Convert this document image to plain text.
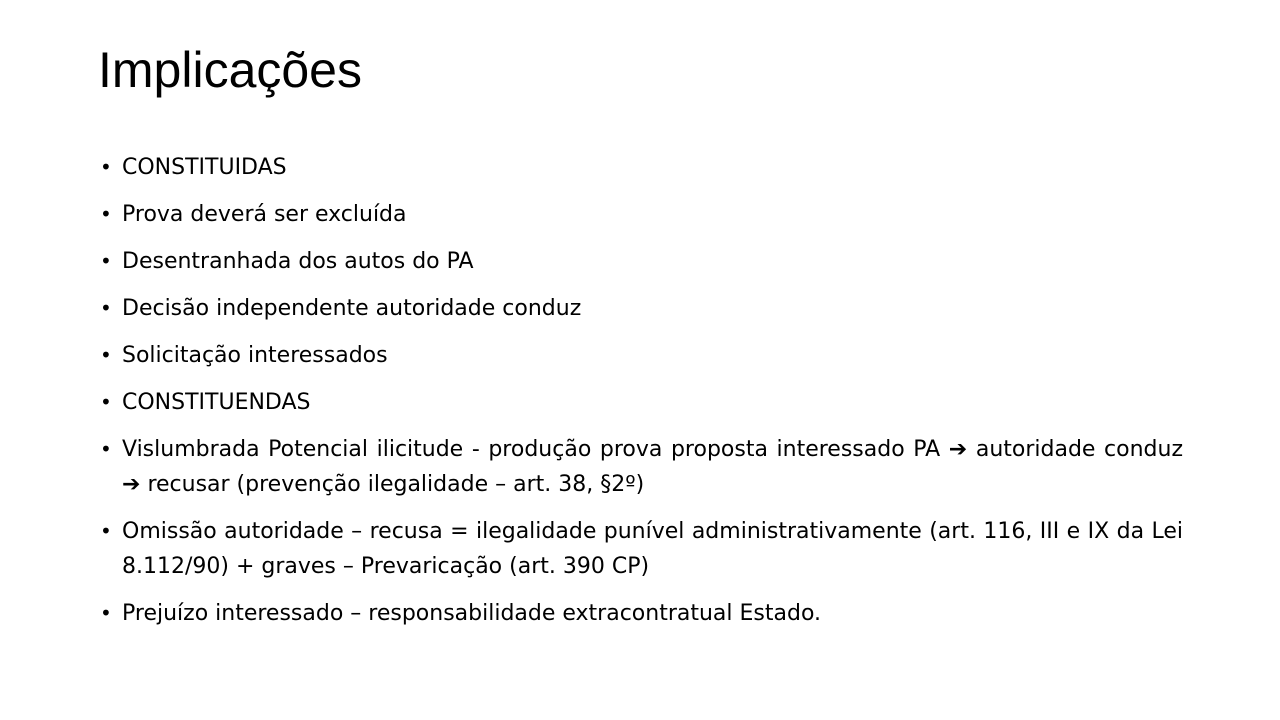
Implicações
• CONSTITUIDAS
• Prova deverá ser excluída
• Desentranhada dos autos do PA
• Decisão independente autoridade conduz
• Solicitação interessados
• CONSTITUENDAS
• Vislumbrada Potencial ilicitude - produção prova proposta interessado PA ➔ autoridade conduz ➔ recusar (prevenção ilegalidade – art. 38, §2º)
• Omissão autoridade – recusa = ilegalidade punível administrativamente (art. 116, III e IX da Lei 8.112/90) + graves – Prevaricação (art. 390 CP)
• Prejuízo interessado – responsabilidade extracontratual Estado.
